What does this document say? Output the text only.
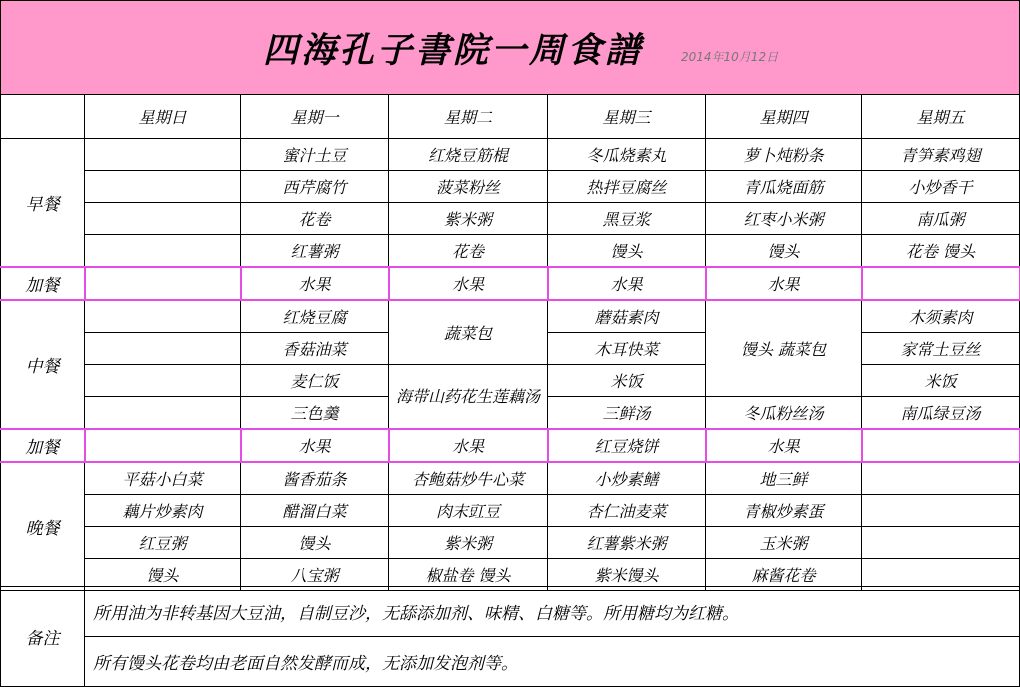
四海孔子書院一周食譜	2014年10月12日
	星期日	星期一	星期二	星期三	星期四	星期五
早餐		蜜汁土豆	红烧豆筋棍	冬瓜烧素丸	萝卜炖粉条	青笋素鸡翅
		西芹腐竹	菠菜粉丝	热拌豆腐丝	青瓜烧面筋	小炒香干
		花卷	紫米粥	黑豆浆	红枣小米粥	南瓜粥
		红薯粥	花卷	馒头	馒头	花卷 馒头
加餐		水果	水果	水果	水果	
中餐		红烧豆腐	蔬菜包	蘑菇素肉	馒头 蔬菜包	木须素肉
		香菇油菜		木耳快菜		家常土豆丝
		麦仁饭	海带山药花生莲藕汤	米饭		米饭
		三色羹		三鲜汤	冬瓜粉丝汤	南瓜绿豆汤
加餐		水果	水果	红豆烧饼	水果	
晚餐	平菇小白菜	酱香茄条	杏鲍菇炒牛心菜	小炒素鳝	地三鲜	
	藕片炒素肉	醋溜白菜	肉末豇豆	杏仁油麦菜	青椒炒素蛋	
	红豆粥	馒头	紫米粥	红薯紫米粥	玉米粥	
	馒头	八宝粥	椒盐卷 馒头	紫米馒头	麻酱花卷	
备注	所用油为非转基因大豆油，自制豆沙，无舔添加剂、味精、白糖等。所用糖均为红糖。
所有馒头花卷均由老面自然发酵而成，无添加发泡剂等。
